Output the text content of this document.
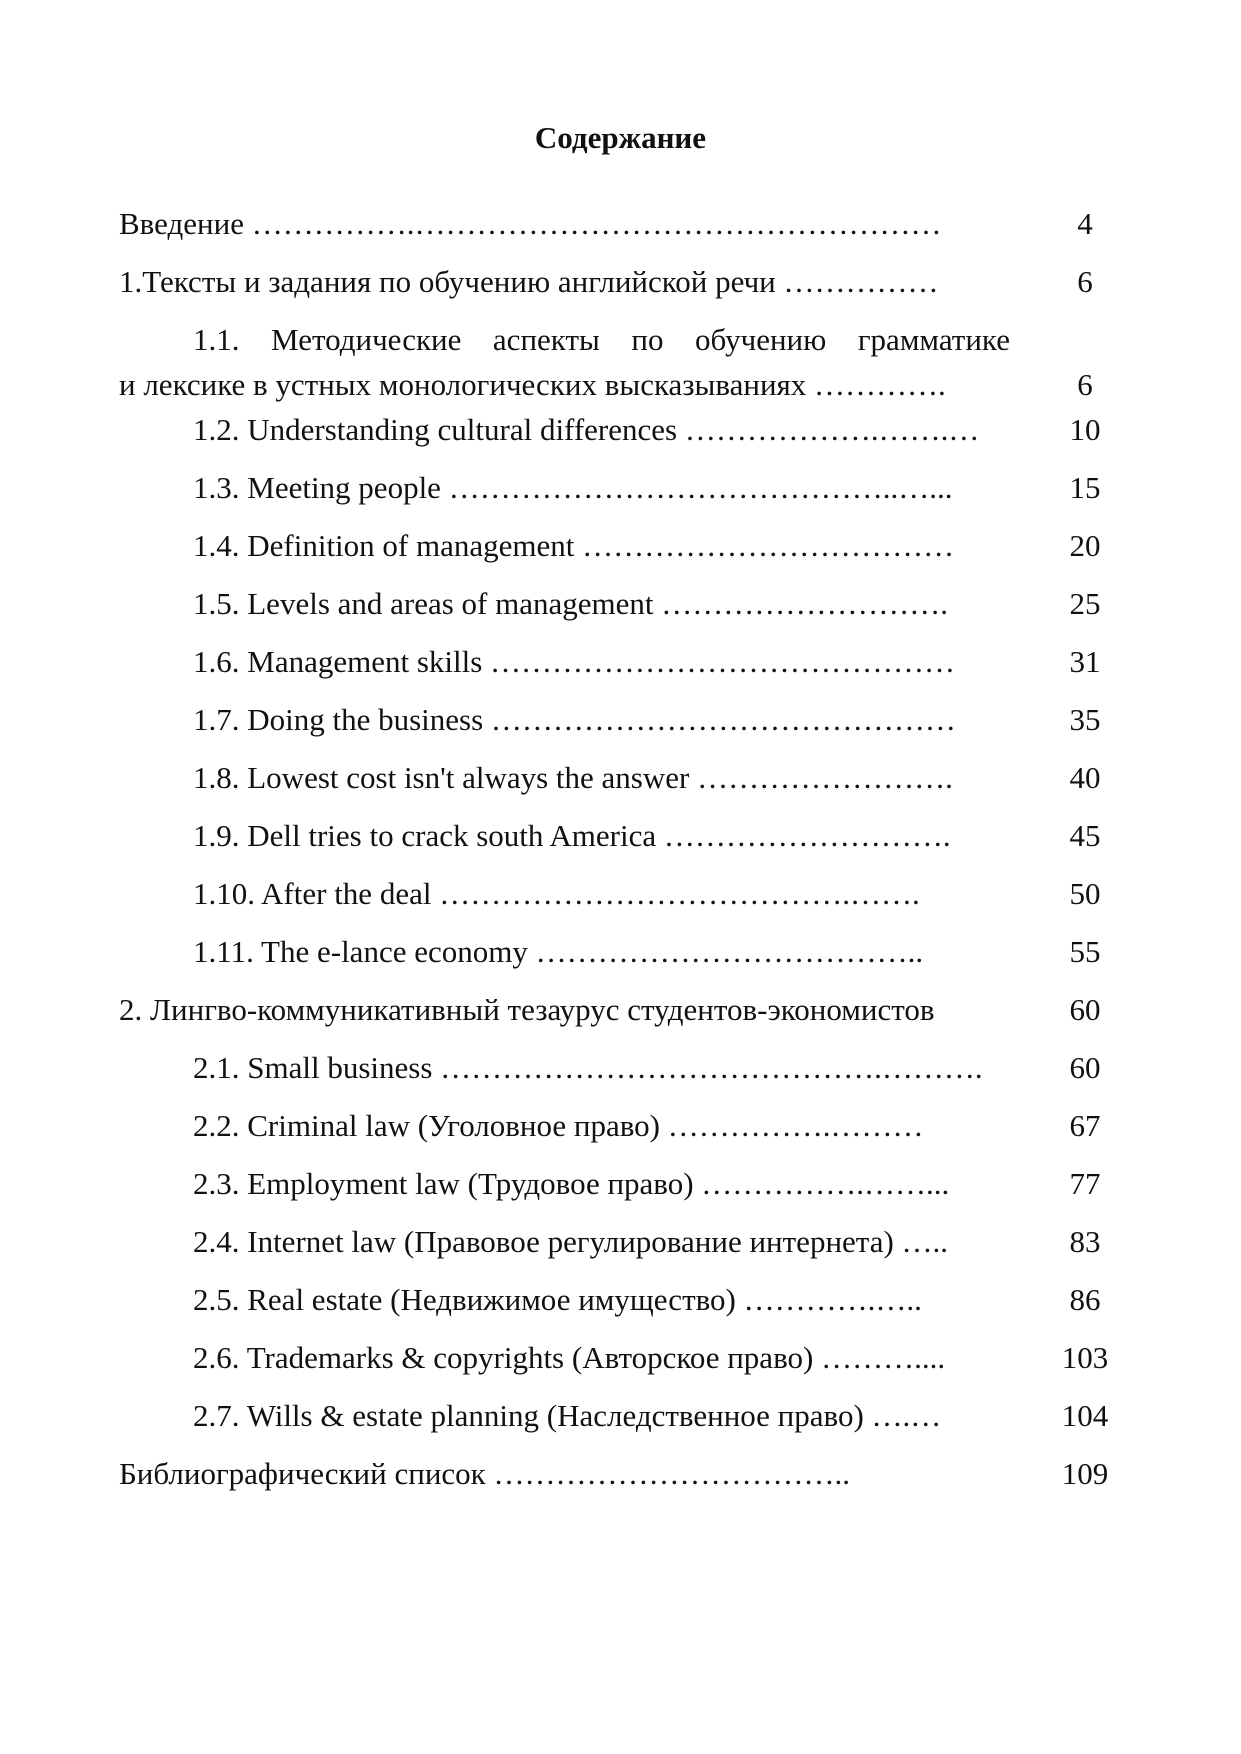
Содержание
Введение …………….……………………………………………	4
1.Тексты и задания по обучению английской речи ……………	6
1.1. Методические аспекты по обучению грамматике
и лексике в устных монологических высказываниях ………….	6
1.2. Understanding cultural differences ……………….…….…	10
1.3. Meeting people ……………………………………..…...	15
1.4. Definition of management ………………………………	20
1.5. Levels and areas of management ……………………….	25
1.6. Management skills ………………………………………	31
1.7. Doing the business ………………………………………	35
1.8. Lowest cost isn't always the answer …………………….	40
1.9. Dell tries to crack south America ……………………….	45
1.10. After the deal ………………………………….…….	50
1.11. The e-lance economy ………………………………..	55
2. Лингво-коммуникативный тезаурус студентов-экономистов	60
2.1. Small business …………………………………….……….	60
2.2. Criminal law (Уголовное право) …………….………	67
2.3. Employment law (Трудовое право) …………….……...	77
2.4. Internet law (Правовое регулирование интернета) …..	83
2.5. Real estate (Недвижимое имущество) ………….…..	86
2.6. Trademarks & copyrights (Авторское право) ………....	103
2.7. Wills & estate planning (Наследственное право) ….…	104
Библиографический список ……………………………..	109
